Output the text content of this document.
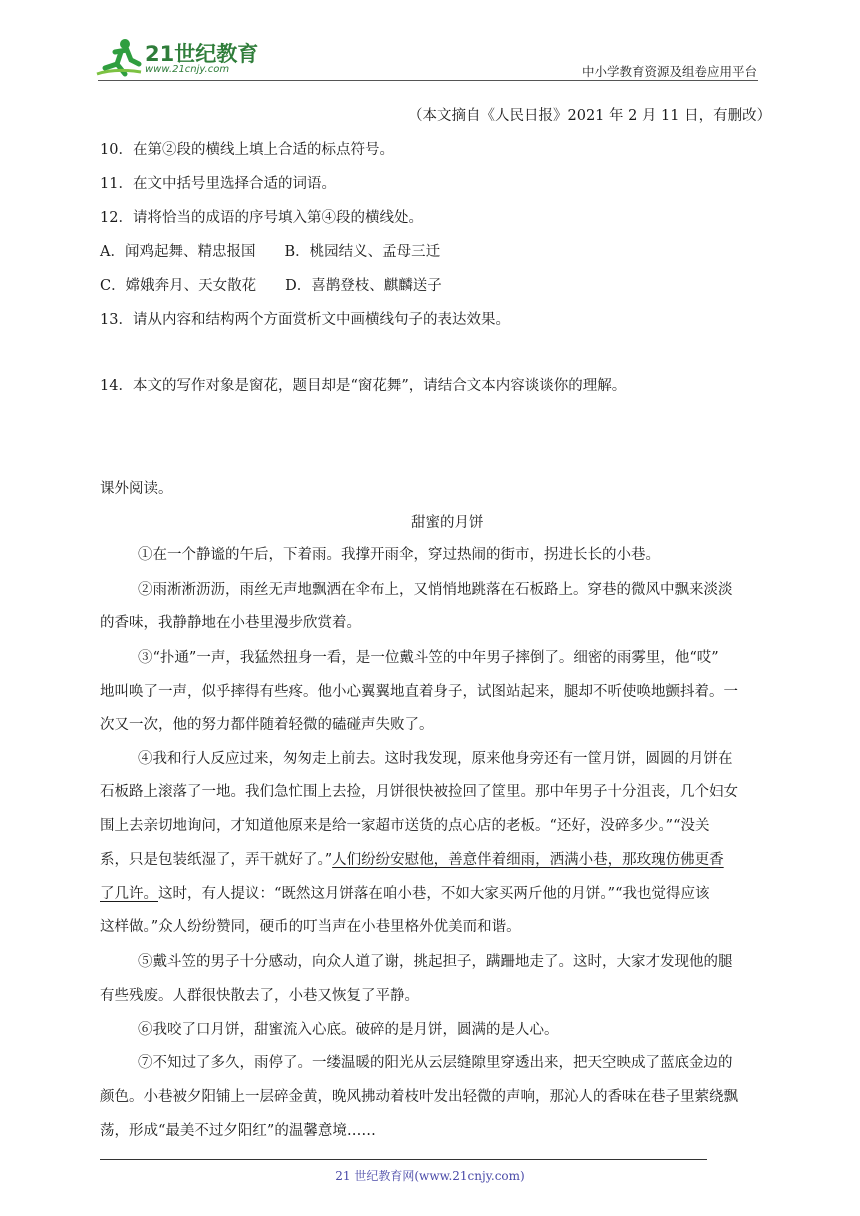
21世纪教育
www.21cnjy.com	中小学教育资源及组卷应用平台
（本文摘自《人民日报》2021 年 2 月 11 日，有删改）
10．在第②段的横线上填上合适的标点符号。
11．在文中括号里选择合适的词语。
12．请将恰当的成语的序号填入第④段的横线处。
A．闻鸡起舞、精忠报国　　B．桃园结义、孟母三迁
C．嫦娥奔月、天女散花　　D．喜鹊登枝、麒麟送子
13．请从内容和结构两个方面赏析文中画横线句子的表达效果。
14．本文的写作对象是窗花，题目却是“窗花舞”，请结合文本内容谈谈你的理解。
课外阅读。
甜蜜的月饼
①在一个静谧的午后，下着雨。我撑开雨伞，穿过热闹的街市，拐进长长的小巷。
②雨淅淅沥沥，雨丝无声地飘洒在伞布上，又悄悄地跳落在石板路上。穿巷的微风中飘来淡淡
的香味，我静静地在小巷里漫步欣赏着。
③“扑通”一声，我猛然扭身一看，是一位戴斗笠的中年男子摔倒了。细密的雨雾里，他“哎”
地叫唤了一声，似乎摔得有些疼。他小心翼翼地直着身子，试图站起来，腿却不听使唤地颤抖着。一
次又一次，他的努力都伴随着轻微的磕碰声失败了。
④我和行人反应过来，匆匆走上前去。这时我发现，原来他身旁还有一筐月饼，圆圆的月饼在
石板路上滚落了一地。我们急忙围上去捡，月饼很快被捡回了筐里。那中年男子十分沮丧，几个妇女
围上去亲切地询问，才知道他原来是给一家超市送货的点心店的老板。“还好，没碎多少。”“没关
系，只是包装纸湿了，弄干就好了。”人们纷纷安慰他，善意伴着细雨，洒满小巷，那玫瑰仿佛更香
了几许。这时，有人提议：“既然这月饼落在咱小巷，不如大家买两斤他的月饼。”“我也觉得应该
这样做。”众人纷纷赞同，硬币的叮当声在小巷里格外优美而和谐。
⑤戴斗笠的男子十分感动，向众人道了谢，挑起担子，蹒跚地走了。这时，大家才发现他的腿
有些残废。人群很快散去了，小巷又恢复了平静。
⑥我咬了口月饼，甜蜜流入心底。破碎的是月饼，圆满的是人心。
⑦不知过了多久，雨停了。一缕温暖的阳光从云层缝隙里穿透出来，把天空映成了蓝底金边的
颜色。小巷被夕阳铺上一层碎金黄，晚风拂动着枝叶发出轻微的声响，那沁人的香味在巷子里萦绕飘
荡，形成“最美不过夕阳红”的温馨意境……
21 世纪教育网(www.21cnjy.com)
